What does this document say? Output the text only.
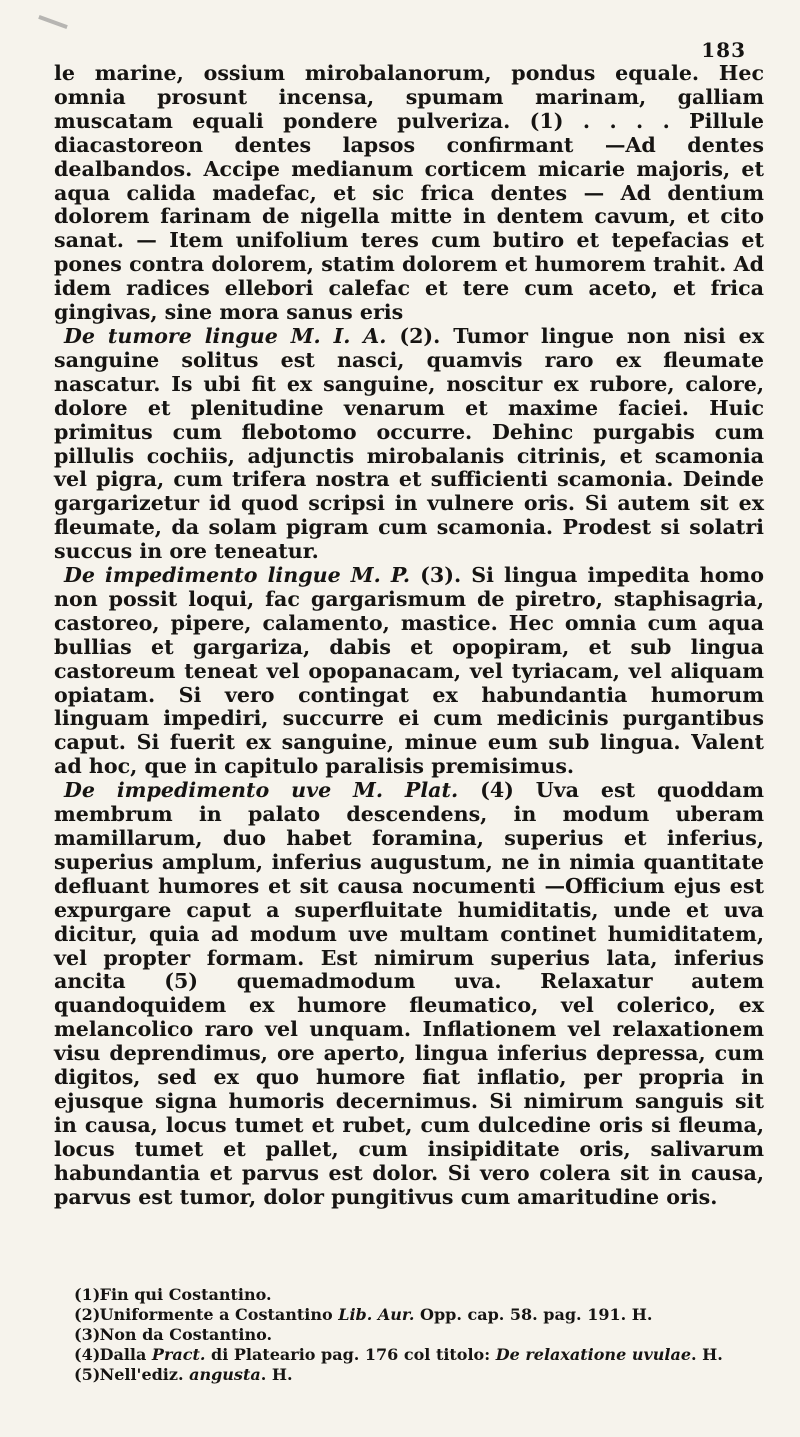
183

le marine, ossium mirobalanorum, pondus equale. Hec omnia prosunt incensa, spumam marinam, galliam muscatam equali pondere pulveriza. (1) . . . . Pillule diacastoreon dentes lapsos confirmant —Ad dentes dealbandos. Accipe medianum corticem micarie majoris, et aqua calida madefac, et sic frica dentes — Ad dentium dolorem farinam de nigella mitte in dentem cavum, et cito sanat. — Item unifolium teres cum butiro et tepefacias et pones contra dolorem, statim dolorem et humorem trahit. Ad idem radices ellebori calefac et tere cum aceto, et frica gingivas, sine mora sanus eris

De tumore lingue M. I. A. (2). Tumor lingue non nisi ex sanguine solitus est nasci, quamvis raro ex fleumate nascatur. Is ubi fit ex sanguine, noscitur ex rubore, calore, dolore et plenitudine venarum et maxime faciei. Huic primitus cum flebotomo occurre. Dehinc purgabis cum pillulis cochiis, adjunctis mirobalanis citrinis, et scamonia vel pigra, cum trifera nostra et sufficienti scamonia. Deinde gargarizetur id quod scripsi in vulnere oris. Si autem sit ex fleumate, da solam pigram cum scamonia. Prodest si solatri succus in ore teneatur.

De impedimento lingue M. P. (3). Si lingua impedita homo non possit loqui, fac gargarismum de piretro, staphisagria, castoreo, pipere, calamento, mastice. Hec omnia cum aqua bullias et gargariza, dabis et opopiram, et sub lingua castoreum teneat vel opopanacam, vel tyriacam, vel aliquam opiatam. Si vero contingat ex habundantia humorum linguam impediri, succurre ei cum medicinis purgantibus caput. Si fuerit ex sanguine, minue eum sub lingua. Valent ad hoc, que in capitulo paralisis premisimus.

De impedimento uve M. Plat. (4) Uva est quoddam membrum in palato descendens, in modum uberam mamillarum, duo habet foramina, superius et inferius, superius amplum, inferius augustum, ne in nimia quantitate defluant humores et sit causa nocumenti —Officium ejus est expurgare caput a superfluitate humiditatis, unde et uva dicitur, quia ad modum uve multam continet humiditatem, vel propter formam. Est nimirum superius lata, inferius ancita (5) quemadmodum uva. Relaxatur autem quandoquidem ex humore fleumatico, vel colerico, ex melancolico raro vel unquam. Inflationem vel relaxationem visu deprendimus, ore aperto, lingua inferius depressa, cum digitos, sed ex quo humore fiat inflatio, per propria in ejusque signa humoris decernimus. Si nimirum sanguis sit in causa, locus tumet et rubet, cum dulcedine oris si fleuma, locus tumet et pallet, cum insipiditate oris, salivarum habundantia et parvus est dolor. Si vero colera sit in causa, parvus est tumor, dolor pungitivus cum amaritudine oris.

(1) Fin qui Costantino.

(2) Uniformente a Costantino Lib. Aur. Opp. cap. 58. pag. 191. H.

(3) Non da Costantino.

(4) Dalla Pract. di Plateario pag. 176 col titolo: De relaxatione uvulae. H.

(5) Nell'ediz. angusta. H.
